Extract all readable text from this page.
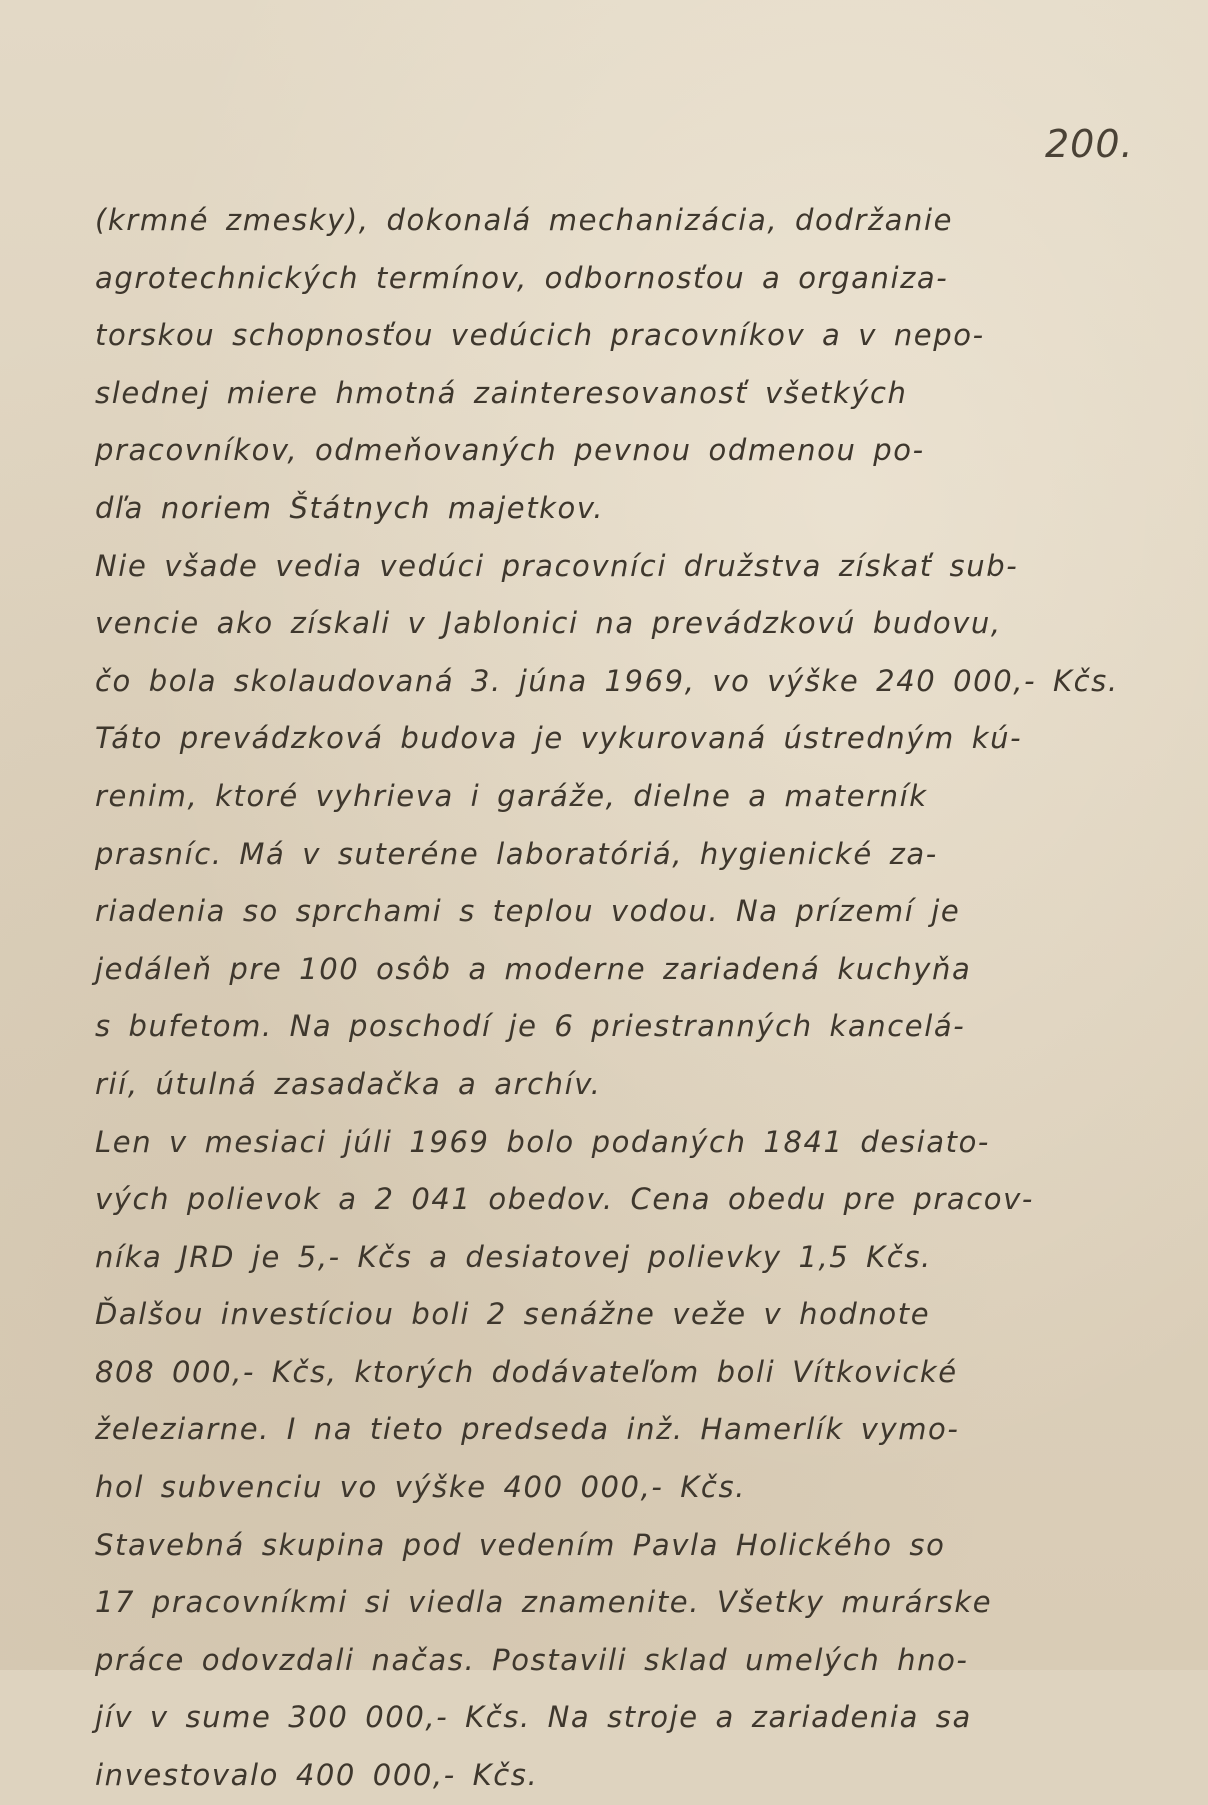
200.
(krmné zmesky), dokonalá mechanizácia, dodržanie
agrotechnických termínov, odbornosťou a organiza-
torskou schopnosťou vedúcich pracovníkov a v nepo-
slednej miere hmotná zainteresovanosť všetkých
pracovníkov, odmeňovaných pevnou odmenou po-
dľa noriem Štátnych majetkov.
Nie všade vedia vedúci pracovníci družstva získať sub-
vencie ako získali v Jablonici na prevádzkovú budovu,
čo bola skolaudovaná 3. júna 1969, vo výške 240 000,- Kčs.
Táto prevádzková budova je vykurovaná ústredným kú-
renim, ktoré vyhrieva i garáže, dielne a materník
prasníc. Má v suteréne laboratóriá, hygienické za-
riadenia so sprchami s teplou vodou. Na prízemí je
jedáleň pre 100 osôb a moderne zariadená kuchyňa
s bufetom. Na poschodí je 6 priestranných kancelá-
rií, útulná zasadačka a archív.
Len v mesiaci júli 1969 bolo podaných 1841 desiato-
vých polievok a 2 041 obedov. Cena obedu pre pracov-
níka JRD je 5,- Kčs a desiatovej polievky 1,5 Kčs.
Ďalšou investíciou boli 2 senážne veže v hodnote
808 000,- Kčs, ktorých dodávateľom boli Vítkovické
železiarne. I na tieto predseda inž. Hamerlík vymo-
hol subvenciu vo výške 400 000,- Kčs.
Stavebná skupina pod vedením Pavla Holického so
17 pracovníkmi si viedla znamenite. Všetky murárske
práce odovzdali načas. Postavili sklad umelých hno-
jív v sume 300 000,- Kčs. Na stroje a zariadenia sa
investovalo 400 000,- Kčs.
